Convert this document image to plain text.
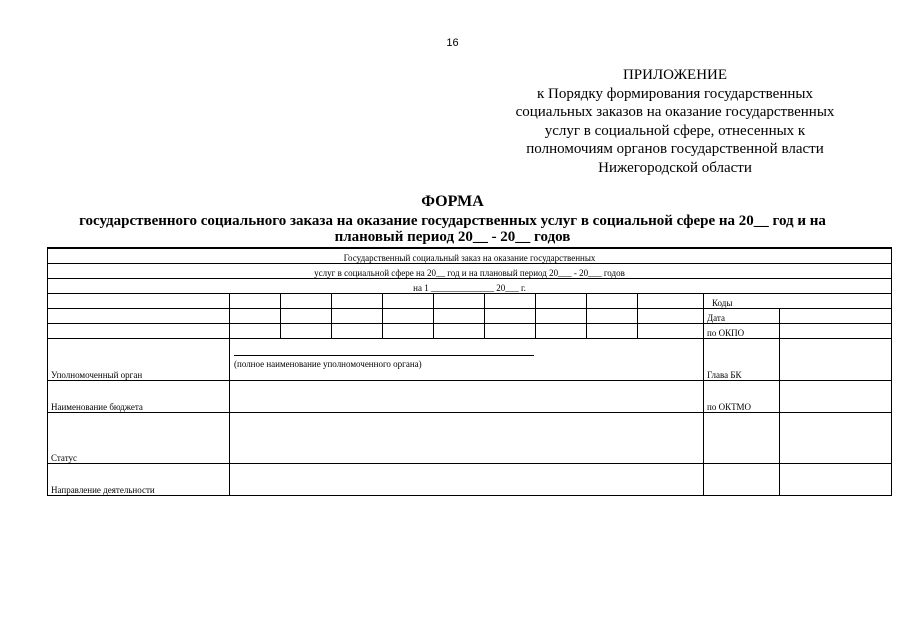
16
ПРИЛОЖЕНИЕ
к Порядку формирования государственных
социальных заказов на оказание государственных
услуг в социальной сфере, отнесенных к
полномочиям органов государственной власти
Нижегородской области
ФОРМА
государственного социального заказа на оказание государственных услуг в социальной сфере на 20__ год и на
плановый период 20__ - 20__ годов
Государственный социальный заказ на оказание государственных											
услуг в социальной сфере на 20__ год и на плановый период 20___ - 20___ годов											
на 1 ______________ 20___ г.											
										Коды	
										Дата	
										по ОКПО	
Уполномоченный орган	(полное наименование уполномоченного органа)									Глава БК	
Наименование бюджета										по ОКТМО	
Статус											
Направление деятельности											
